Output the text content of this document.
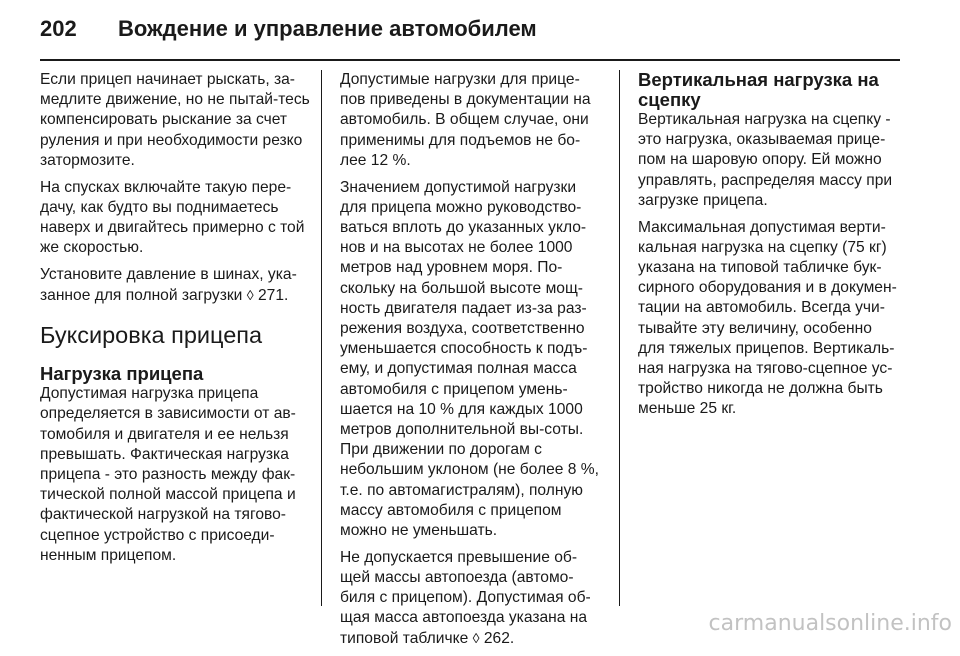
202	Вождение и управление автомобилем

Если прицеп начинает рыскать, за-медлите движение, но не пытай-тесь компенсировать рыскание за счет руления и при необходимости резко затормозите.

На спусках включайте такую пере-дачу, как будто вы поднимаетесь наверх и двигайтесь примерно с той же скоростью.

Установите давление в шинах, ука-занное для полной загрузки ◊ 271.

Буксировка прицепа
Нагрузка прицепа

Допустимая нагрузка прицепа определяется в зависимости от ав-томобиля и двигателя и ее нельзя превышать. Фактическая нагрузка прицепа - это разность между фак-тической полной массой прицепа и фактической нагрузкой на тягово-сцепное устройство с присоеди-ненным прицепом.

Допустимые нагрузки для прице-пов приведены в документации на автомобиль. В общем случае, они применимы для подъемов не бо-лее 12 %.

Значением допустимой нагрузки для прицепа можно руководство-ваться вплоть до указанных укло-нов и на высотах не более 1000 метров над уровнем моря. По-скольку на большой высоте мощ-ность двигателя падает из-за раз-режения воздуха, соответственно уменьшается способность к подъ-ему, и допустимая полная масса автомобиля с прицепом умень-шается на 10 % для каждых 1000 метров дополнительной вы-соты. При движении по дорогам с небольшим уклоном (не более 8 %, т.е. по автомагистралям), полную массу автомобиля с прицепом можно не уменьшать.

Не допускается превышение об-щей массы автопоезда (автомо-биля с прицепом). Допустимая об-щая масса автопоезда указана на типовой табличке ◊ 262.

Вертикальная нагрузка на сцепку

Вертикальная нагрузка на сцепку - это нагрузка, оказываемая прице-пом на шаровую опору. Ей можно управлять, распределяя массу при загрузке прицепа.

Максимальная допустимая верти-кальная нагрузка на сцепку (75 кг) указана на типовой табличке бук-сирного оборудования и в докумен-тации на автомобиль. Всегда учи-тывайте эту величину, особенно для тяжелых прицепов. Вертикаль-ная нагрузка на тягово-сцепное ус-тройство никогда не должна быть меньше 25 кг.

carmanualsonline.info
